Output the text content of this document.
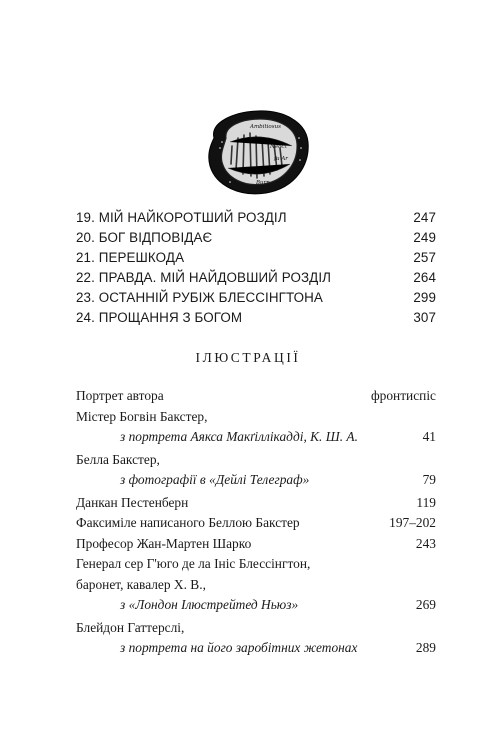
Ambitiosus
Neoct
fu Ar
Burn
19. МІЙ НАЙКОРОТШИЙ РОЗДІЛ	247
20. БОГ ВІДПОВІДАЄ	249
21. ПЕРЕШКОДА	257
22. ПРАВДА. МІЙ НАЙДОВШИЙ РОЗДІЛ	264
23. ОСТАННІЙ РУБІЖ БЛЕССІНГТОНА	299
24. ПРОЩАННЯ З БОГОМ	307
ІЛЮСТРАЦІЇ
Портрет автора	фронтиспіс
Містер Богвін Бакстер,
з портрета Аякса Макґіллікадді, К. Ш. А.	41
Белла Бакстер,
з фотографії в «Дейлі Телеграф»	79
Данкан Пестенберн	119
Факсиміле написаного Беллою Бакстер	197–202
Професор Жан-Мартен Шарко	243
Генерал сер Г'юго де ла Ініс Блессінгтон,
баронет, кавалер Х. В.,
з «Лондон Ілюстрейтед Ньюз»	269
Блейдон Гаттерслі,
з портрета на його заробітних жетонах	289
